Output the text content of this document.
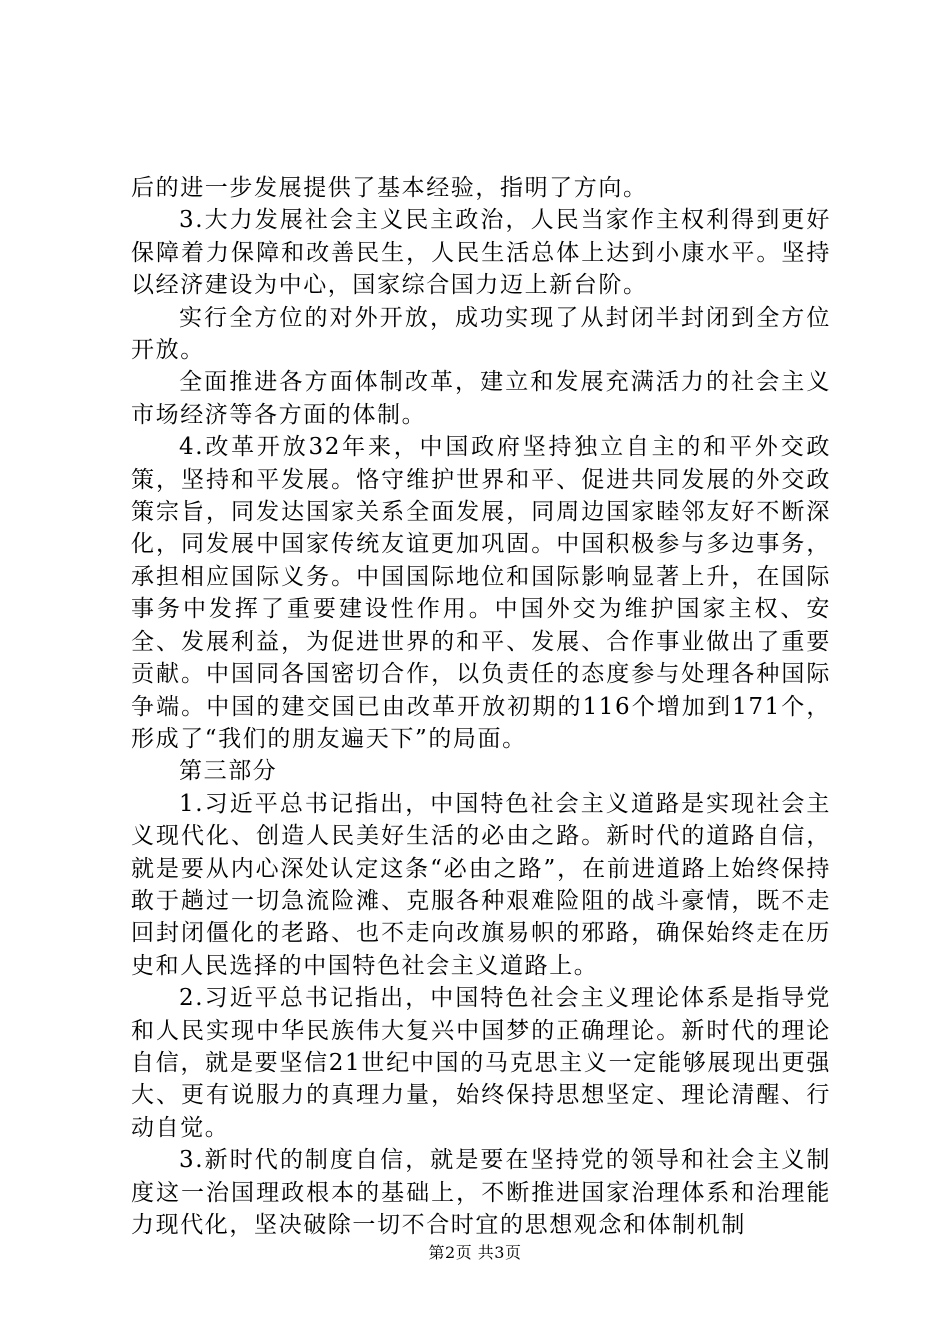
后的进一步发展提供了基本经验，指明了方向。

3.大力发展社会主义民主政治，人民当家作主权利得到更好保障着力保障和改善民生，人民生活总体上达到小康水平。坚持以经济建设为中心，国家综合国力迈上新台阶。

实行全方位的对外开放，成功实现了从封闭半封闭到全方位开放。

全面推进各方面体制改革，建立和发展充满活力的社会主义市场经济等各方面的体制。

4.改革开放32年来，中国政府坚持独立自主的和平外交政策，坚持和平发展。恪守维护世界和平、促进共同发展的外交政策宗旨，同发达国家关系全面发展，同周边国家睦邻友好不断深化，同发展中国家传统友谊更加巩固。中国积极参与多边事务，承担相应国际义务。中国国际地位和国际影响显著上升，在国际事务中发挥了重要建设性作用。中国外交为维护国家主权、安全、发展利益，为促进世界的和平、发展、合作事业做出了重要贡献。中国同各国密切合作，以负责任的态度参与处理各种国际争端。中国的建交国已由改革开放初期的116个增加到171个，形成了“我们的朋友遍天下”的局面。

第三部分

1.习近平总书记指出，中国特色社会主义道路是实现社会主义现代化、创造人民美好生活的必由之路。新时代的道路自信，就是要从内心深处认定这条“必由之路”，在前进道路上始终保持敢于趟过一切急流险滩、克服各种艰难险阻的战斗豪情，既不走回封闭僵化的老路、也不走向改旗易帜的邪路，确保始终走在历史和人民选择的中国特色社会主义道路上。

2.习近平总书记指出，中国特色社会主义理论体系是指导党和人民实现中华民族伟大复兴中国梦的正确理论。新时代的理论自信，就是要坚信21世纪中国的马克思主义一定能够展现出更强大、更有说服力的真理力量，始终保持思想坚定、理论清醒、行动自觉。

3.新时代的制度自信，就是要在坚持党的领导和社会主义制度这一治国理政根本的基础上，不断推进国家治理体系和治理能力现代化，坚决破除一切不合时宜的思想观念和体制机制

第2页 共3页
